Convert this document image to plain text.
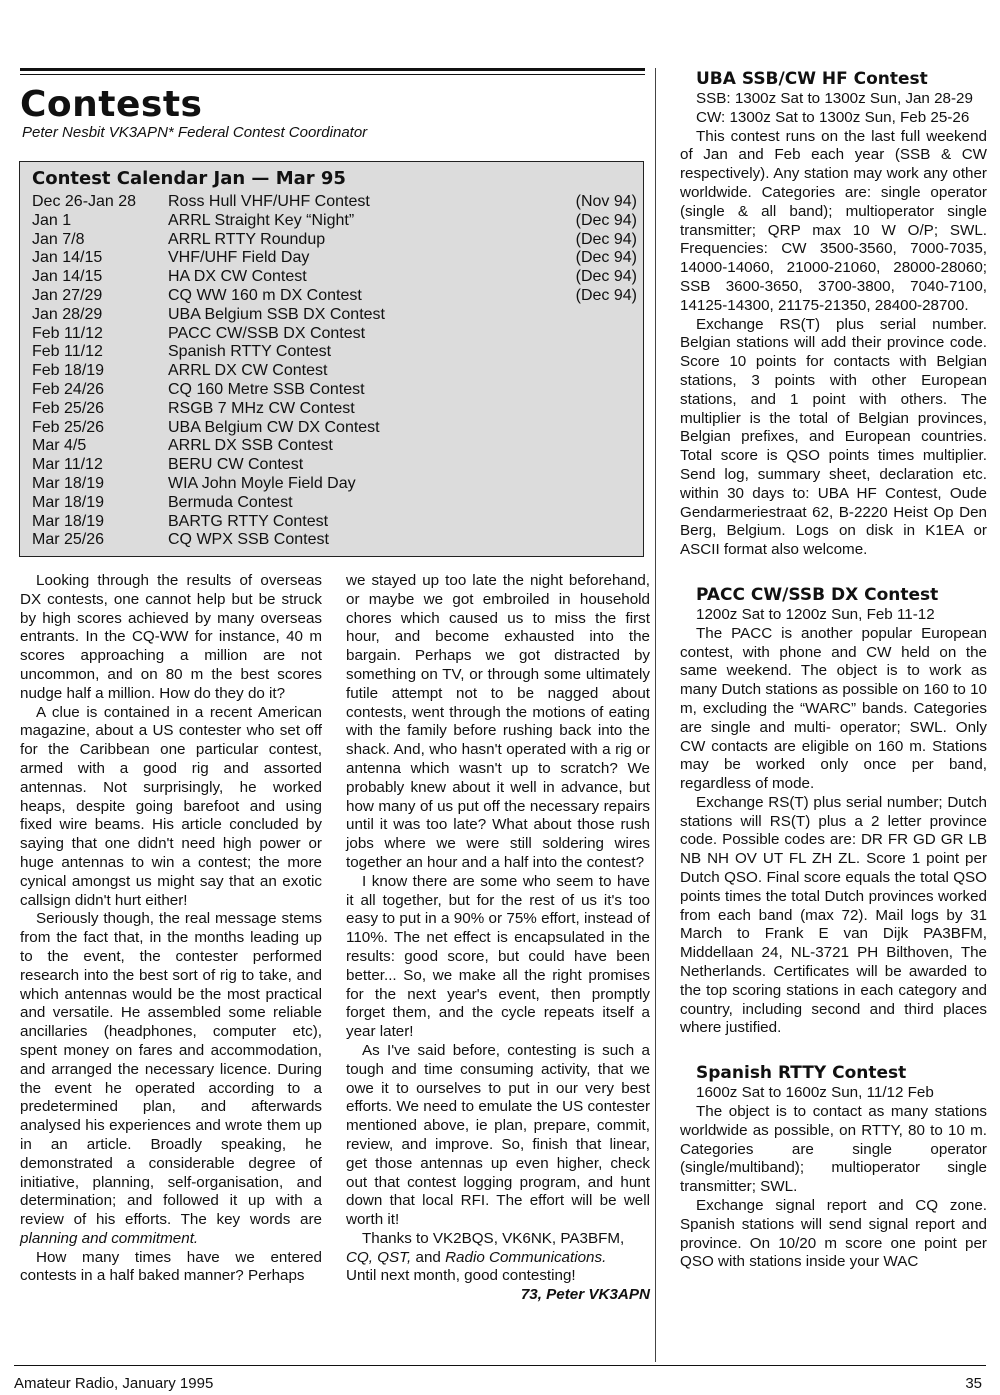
Contests
Peter Nesbit VK3APN* Federal Contest Coordinator
Contest Calendar Jan — Mar 95
Dec 26-Jan 28 Ross Hull VHF/UHF Contest	(Nov 94)
Jan 1	ARRL Straight Key “Night”	(Dec 94)
Jan 7/8	ARRL RTTY Roundup	(Dec 94)
Jan 14/15	VHF/UHF Field Day	(Dec 94)
Jan 14/15	HA DX CW Contest	(Dec 94)
Jan 27/29	CQ WW 160 m DX Contest	(Dec 94)
Jan 28/29	UBA Belgium SSB DX Contest
Feb 11/12	PACC CW/SSB DX Contest
Feb 11/12	Spanish RTTY Contest
Feb 18/19	ARRL DX CW Contest
Feb 24/26	CQ 160 Metre SSB Contest
Feb 25/26	RSGB 7 MHz CW Contest
Feb 25/26	UBA Belgium CW DX Contest
Mar 4/5	ARRL DX SSB Contest
Mar 11/12	BERU CW Contest
Mar 18/19	WIA John Moyle Field Day
Mar 18/19	Bermuda Contest
Mar 18/19	BARTG RTTY Contest
Mar 25/26	CQ WPX SSB Contest

Looking through the results of overseas DX contests, one cannot help but be struck by high scores achieved by many overseas entrants. In the CQ-WW for instance, 40 m scores approaching a million are not uncommon, and on 80 m the best scores nudge half a million. How do they do it?

A clue is contained in a recent American magazine, about a US contester who set off for the Caribbean one particular contest, armed with a good rig and assorted antennas. Not surprisingly, he worked heaps, despite going barefoot and using fixed wire beams. His article concluded by saying that one didn't need high power or huge antennas to win a contest; the more cynical amongst us might say that an exotic callsign didn't hurt either!

Seriously though, the real message stems from the fact that, in the months leading up to the event, the contester performed research into the best sort of rig to take, and which antennas would be the most practical and versatile. He assembled some reliable ancillaries (headphones, computer etc), spent money on fares and accommodation, and arranged the necessary licence. During the event he operated according to a predetermined plan, and afterwards analysed his experiences and wrote them up in an article. Broadly speaking, he demonstrated a considerable degree of initiative, planning, self-organisation, and determination; and followed it up with a review of his efforts. The key words are planning and commitment.

How many times have we entered contests in a half baked manner? Perhaps

we stayed up too late the night beforehand, or maybe we got embroiled in household chores which caused us to miss the first hour, and become exhausted into the bargain. Perhaps we got distracted by something on TV, or through some ultimately futile attempt not to be nagged about contests, went through the motions of eating with the family before rushing back into the shack. And, who hasn't operated with a rig or antenna which wasn't up to scratch? We probably knew about it well in advance, but how many of us put off the necessary repairs until it was too late? What about those rush jobs where we were still soldering wires together an hour and a half into the contest?

I know there are some who seem to have it all together, but for the rest of us it's too easy to put in a 90% or 75% effort, instead of 110%. The net effect is encapsulated in the results: good score, but could have been better... So, we make all the right promises for the next year's event, then promptly forget them, and the cycle repeats itself a year later!

As I've said before, contesting is such a tough and time consuming activity, that we owe it to ourselves to put in our very best efforts. We need to emulate the US contester mentioned above, ie plan, prepare, commit, review, and improve. So, finish that linear, get those antennas up even higher, check out that contest logging program, and hunt down that local RFI. The effort will be well worth it!

Thanks to VK2BQS, VK6NK, PA3BFM,
CQ, QST, and Radio Communications.
Until next month, good contesting!

73, Peter VK3APN

UBA SSB/CW HF Contest

SSB: 1300z Sat to 1300z Sun, Jan 28-29

CW: 1300z Sat to 1300z Sun, Feb 25-26

This contest runs on the last full weekend of Jan and Feb each year (SSB & CW respectively). Any station may work any other worldwide. Categories are: single operator (single & all band); multioperator single transmitter; QRP max 10 W O/P; SWL. Frequencies: CW 3500-3560, 7000-7035, 14000-14060, 21000-21060, 28000-28060; SSB 3600-3650, 3700-3800, 7040-7100, 14125-14300, 21175-21350, 28400-28700.

Exchange RS(T) plus serial number. Belgian stations will add their province code. Score 10 points for contacts with Belgian stations, 3 points with other European stations, and 1 point with others. The multiplier is the total of Belgian provinces, Belgian prefixes, and European countries. Total score is QSO points times multiplier. Send log, summary sheet, declaration etc. within 30 days to: UBA HF Contest, Oude Gendarmeriestraat 62, B-2220 Heist Op Den Berg, Belgium. Logs on disk in K1EA or ASCII format also welcome.

PACC CW/SSB DX Contest

1200z Sat to 1200z Sun, Feb 11-12

The PACC is another popular European contest, with phone and CW held on the same weekend. The object is to work as many Dutch stations as possible on 160 to 10 m, excluding the “WARC” bands. Categories are single and multi- operator; SWL. Only CW contacts are eligible on 160 m. Stations may be worked only once per band, regardless of mode.

Exchange RS(T) plus serial number; Dutch stations will RS(T) plus a 2 letter province code. Possible codes are: DR FR GD GR LB NB NH OV UT FL ZH ZL. Score 1 point per Dutch QSO. Final score equals the total QSO points times the total Dutch provinces worked from each band (max 72). Mail logs by 31 March to Frank E van Dijk PA3BFM, Middellaan 24, NL-3721 PH Bilthoven, The Netherlands. Certificates will be awarded to the top scoring stations in each category and country, including second and third places where justified.

Spanish RTTY Contest

1600z Sat to 1600z Sun, 11/12 Feb

The object is to contact as many stations worldwide as possible, on RTTY, 80 to 10 m. Categories are single operator (single/multiband); multioperator single transmitter; SWL.

Exchange signal report and CQ zone. Spanish stations will send signal report and province. On 10/20 m score one point per QSO with stations inside your WAC

Amateur Radio, January 1995	35
